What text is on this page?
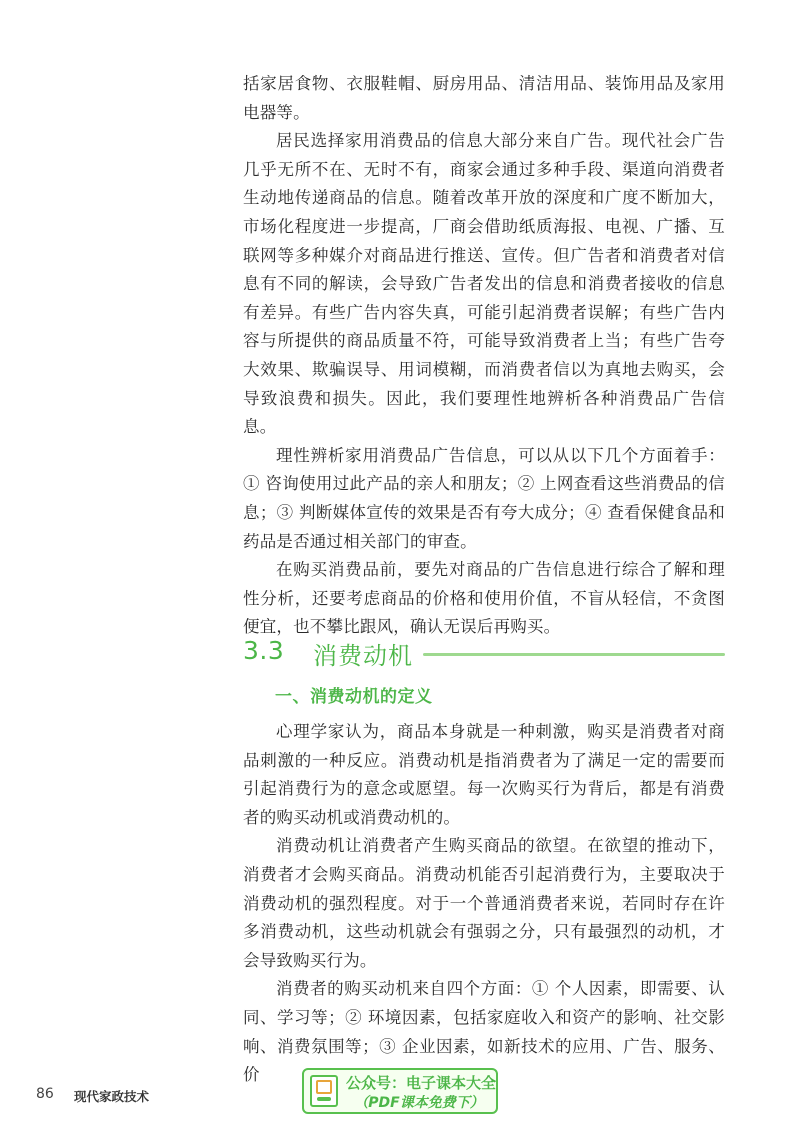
括家居食物、衣服鞋帽、厨房用品、清洁用品、装饰用品及家用电器等。

居民选择家用消费品的信息大部分来自广告。现代社会广告几乎无所不在、无时不有，商家会通过多种手段、渠道向消费者生动地传递商品的信息。随着改革开放的深度和广度不断加大，市场化程度进一步提高，厂商会借助纸质海报、电视、广播、互联网等多种媒介对商品进行推送、宣传。但广告者和消费者对信息有不同的解读，会导致广告者发出的信息和消费者接收的信息有差异。有些广告内容失真，可能引起消费者误解；有些广告内容与所提供的商品质量不符，可能导致消费者上当；有些广告夸大效果、欺骗误导、用词模糊，而消费者信以为真地去购买，会导致浪费和损失。因此，我们要理性地辨析各种消费品广告信息。

理性辨析家用消费品广告信息，可以从以下几个方面着手：① 咨询使用过此产品的亲人和朋友；② 上网查看这些消费品的信息；③ 判断媒体宣传的效果是否有夸大成分；④ 查看保健食品和药品是否通过相关部门的审查。

在购买消费品前，要先对商品的广告信息进行综合了解和理性分析，还要考虑商品的价格和使用价值，不盲从轻信，不贪图便宜，也不攀比跟风，确认无误后再购买。

3.3 消费动机
一、消费动机的定义

心理学家认为，商品本身就是一种刺激，购买是消费者对商品刺激的一种反应。消费动机是指消费者为了满足一定的需要而引起消费行为的意念或愿望。每一次购买行为背后，都是有消费者的购买动机或消费动机的。

消费动机让消费者产生购买商品的欲望。在欲望的推动下，消费者才会购买商品。消费动机能否引起消费行为，主要取决于消费动机的强烈程度。对于一个普通消费者来说，若同时存在许多消费动机，这些动机就会有强弱之分，只有最强烈的动机，才会导致购买行为。

消费者的购买动机来自四个方面：① 个人因素，即需要、认同、学习等；② 环境因素，包括家庭收入和资产的影响、社交影响、消费氛围等；③ 企业因素，如新技术的应用、广告、服务、价

86 现代家政技术
公众号：电子课本大全
（PDF课本免费下）
